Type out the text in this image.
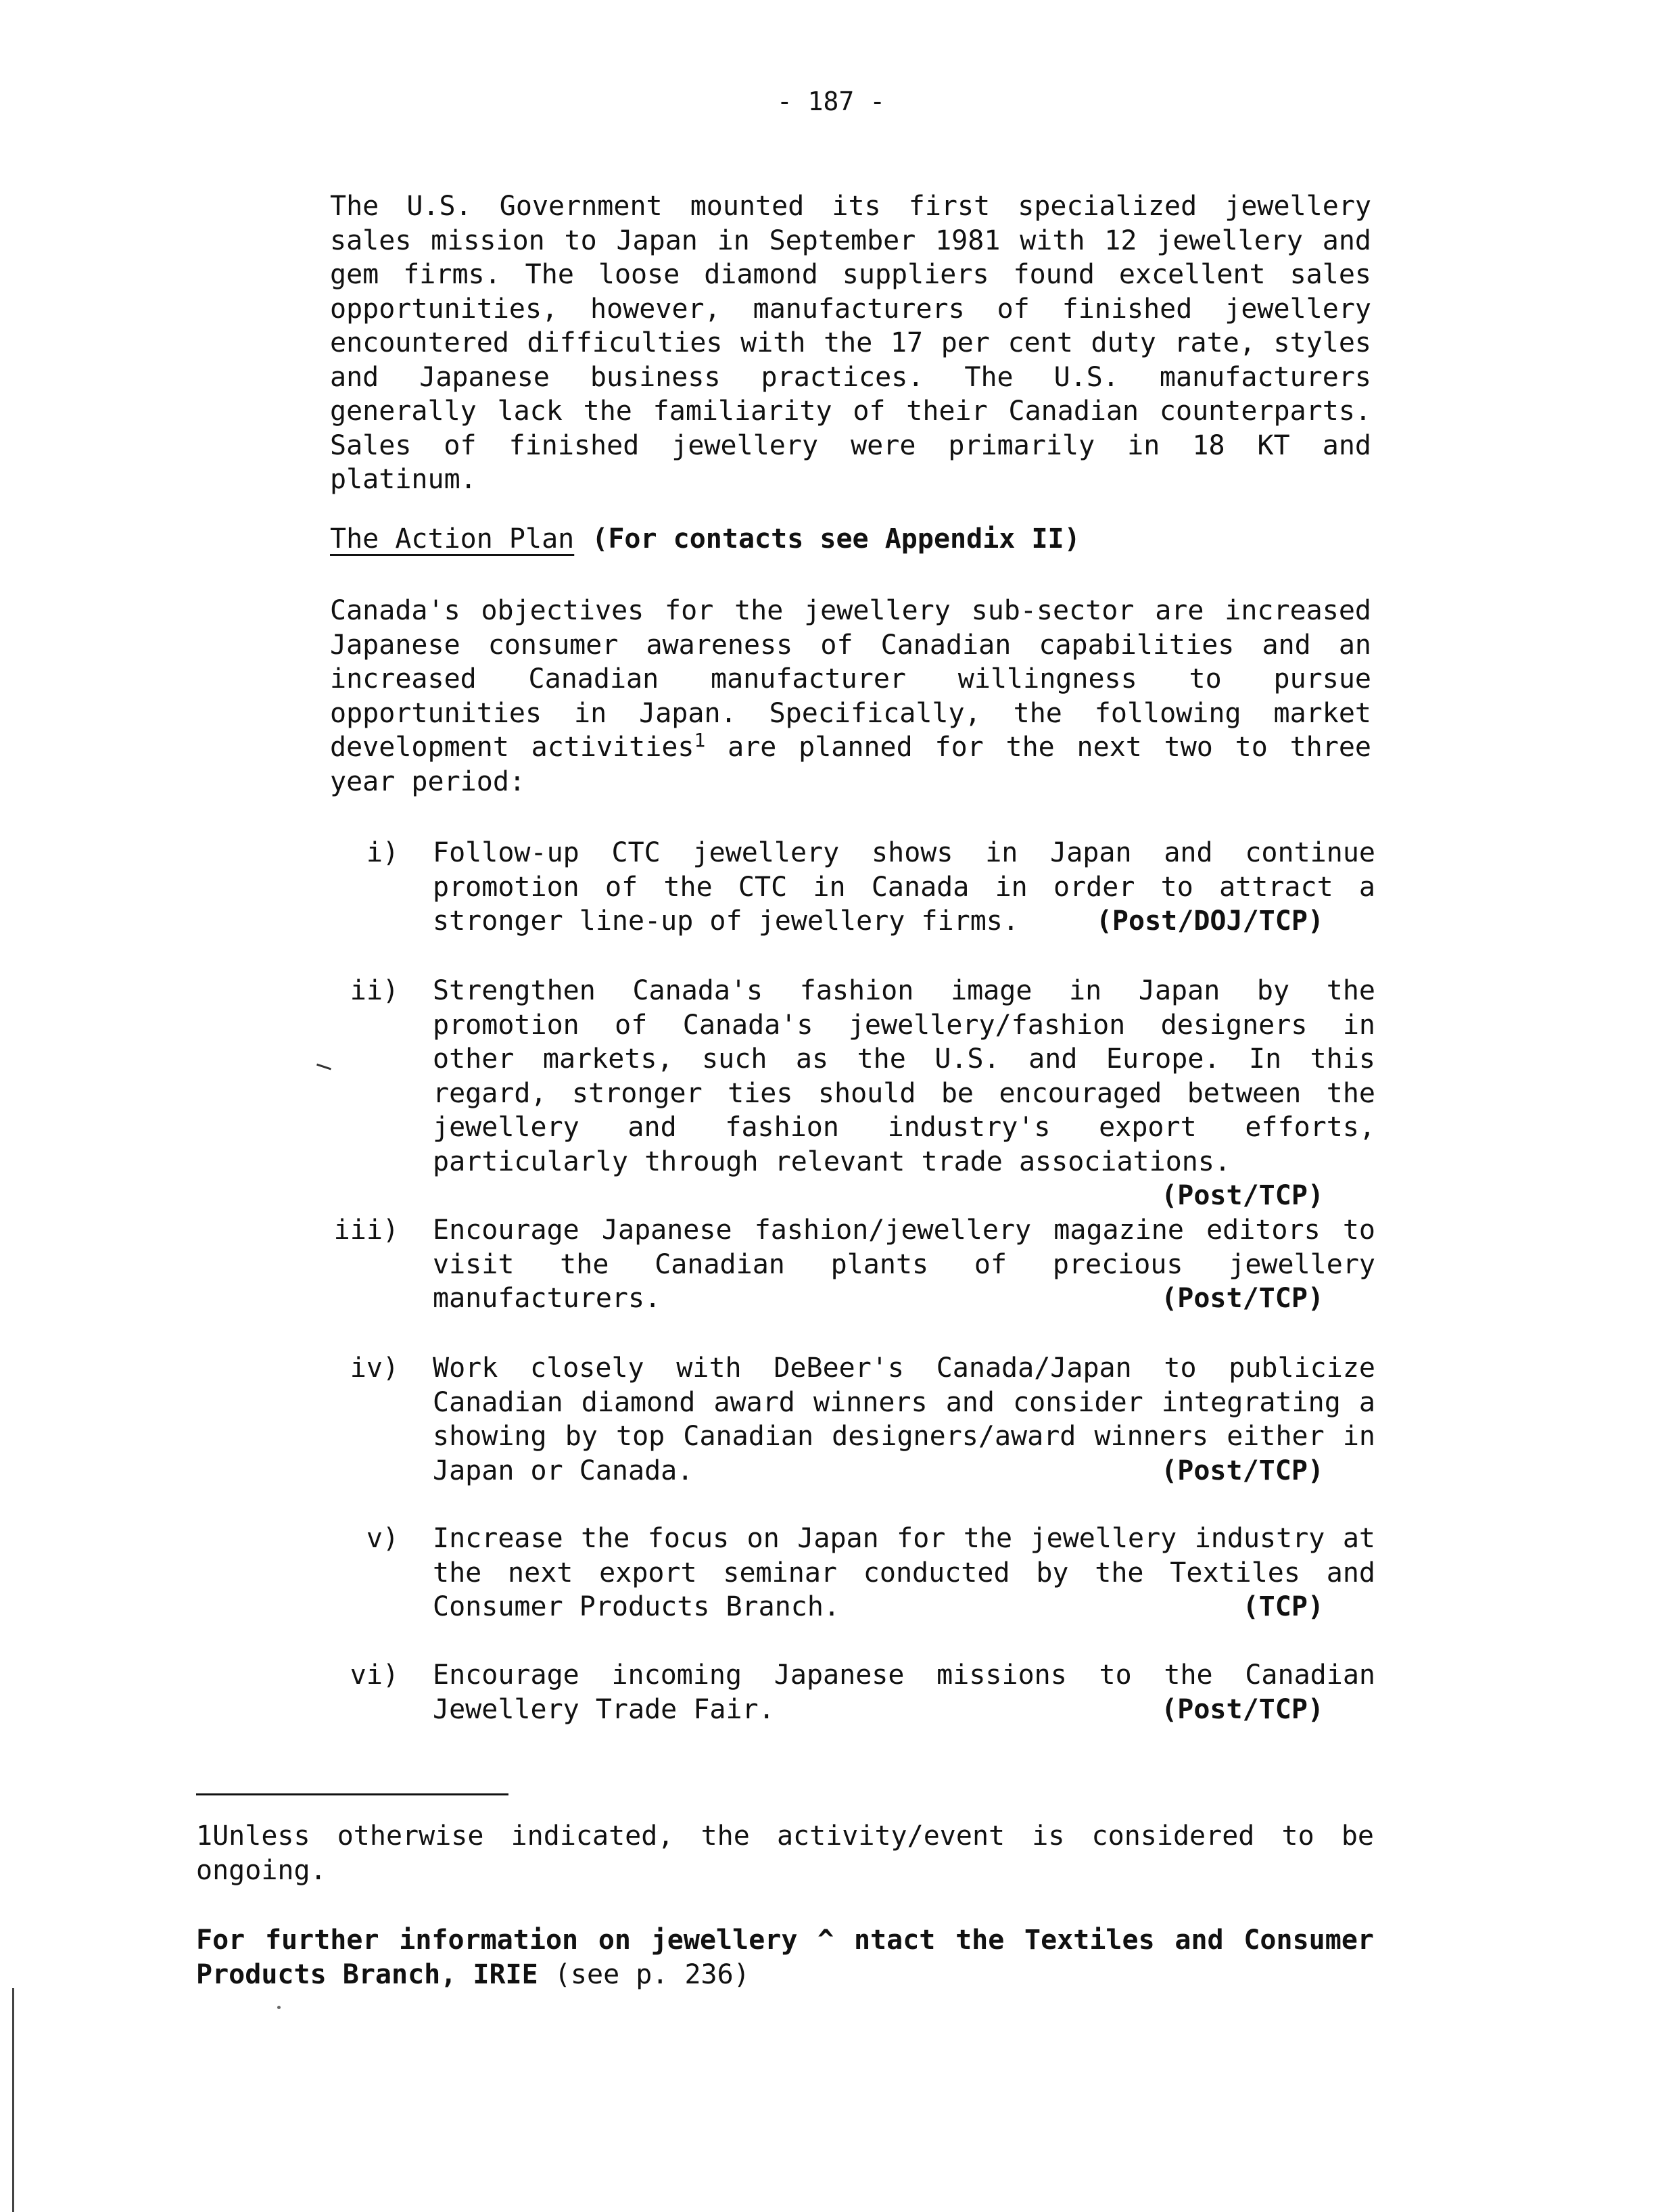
- 187 -
The U.S. Government mounted its first specialized jewellery sales mission to Japan in September 1981 with 12 jewellery and gem firms. The loose diamond suppliers found excellent sales opportunities, however, manufacturers of finished jewellery encountered difficulties with the 17 per cent duty rate, styles and Japanese business practices. The U.S. manufacturers generally lack the familiarity of their Canadian counterparts. Sales of finished jewellery were primarily in 18 KT and platinum.
The Action Plan (For contacts see Appendix II)
Canada's objectives for the jewellery sub-sector are increased Japanese consumer awareness of Canadian capabilities and an increased Canadian manufacturer willingness to pursue opportunities in Japan. Specifically, the following market development activities$^1$ are planned for the next two to three year period:
i) Follow-up CTC jewellery shows in Japan and continue promotion of the CTC in Canada in order to attract a stronger line-up of jewellery firms.	(Post/DOJ/TCP)
ii) Strengthen Canada's fashion image in Japan by the promotion of Canada's jewellery/fashion designers in other markets, such as the U.S. and Europe. In this regard, stronger ties should be encouraged between the jewellery and fashion industry's export efforts, particularly through relevant trade associations.
(Post/TCP)
iii) Encourage Japanese fashion/jewellery magazine editors to visit the Canadian plants of precious jewellery manufacturers.	(Post/TCP)
iv) Work closely with DeBeer's Canada/Japan to publicize Canadian diamond award winners and consider integrating a showing by top Canadian designers/award winners either in Japan or Canada.	(Post/TCP)
v) Increase the focus on Japan for the jewellery industry at the next export seminar conducted by the Textiles and Consumer Products Branch.	(TCP)
vi) Encourage incoming Japanese missions to the Canadian Jewellery Trade Fair.	(Post/TCP)
1Unless otherwise indicated, the activity/event is considered to be ongoing.
For further information on jewellery ^ ntact the Textiles and Consumer Products Branch, IRIE (see p. 236)
